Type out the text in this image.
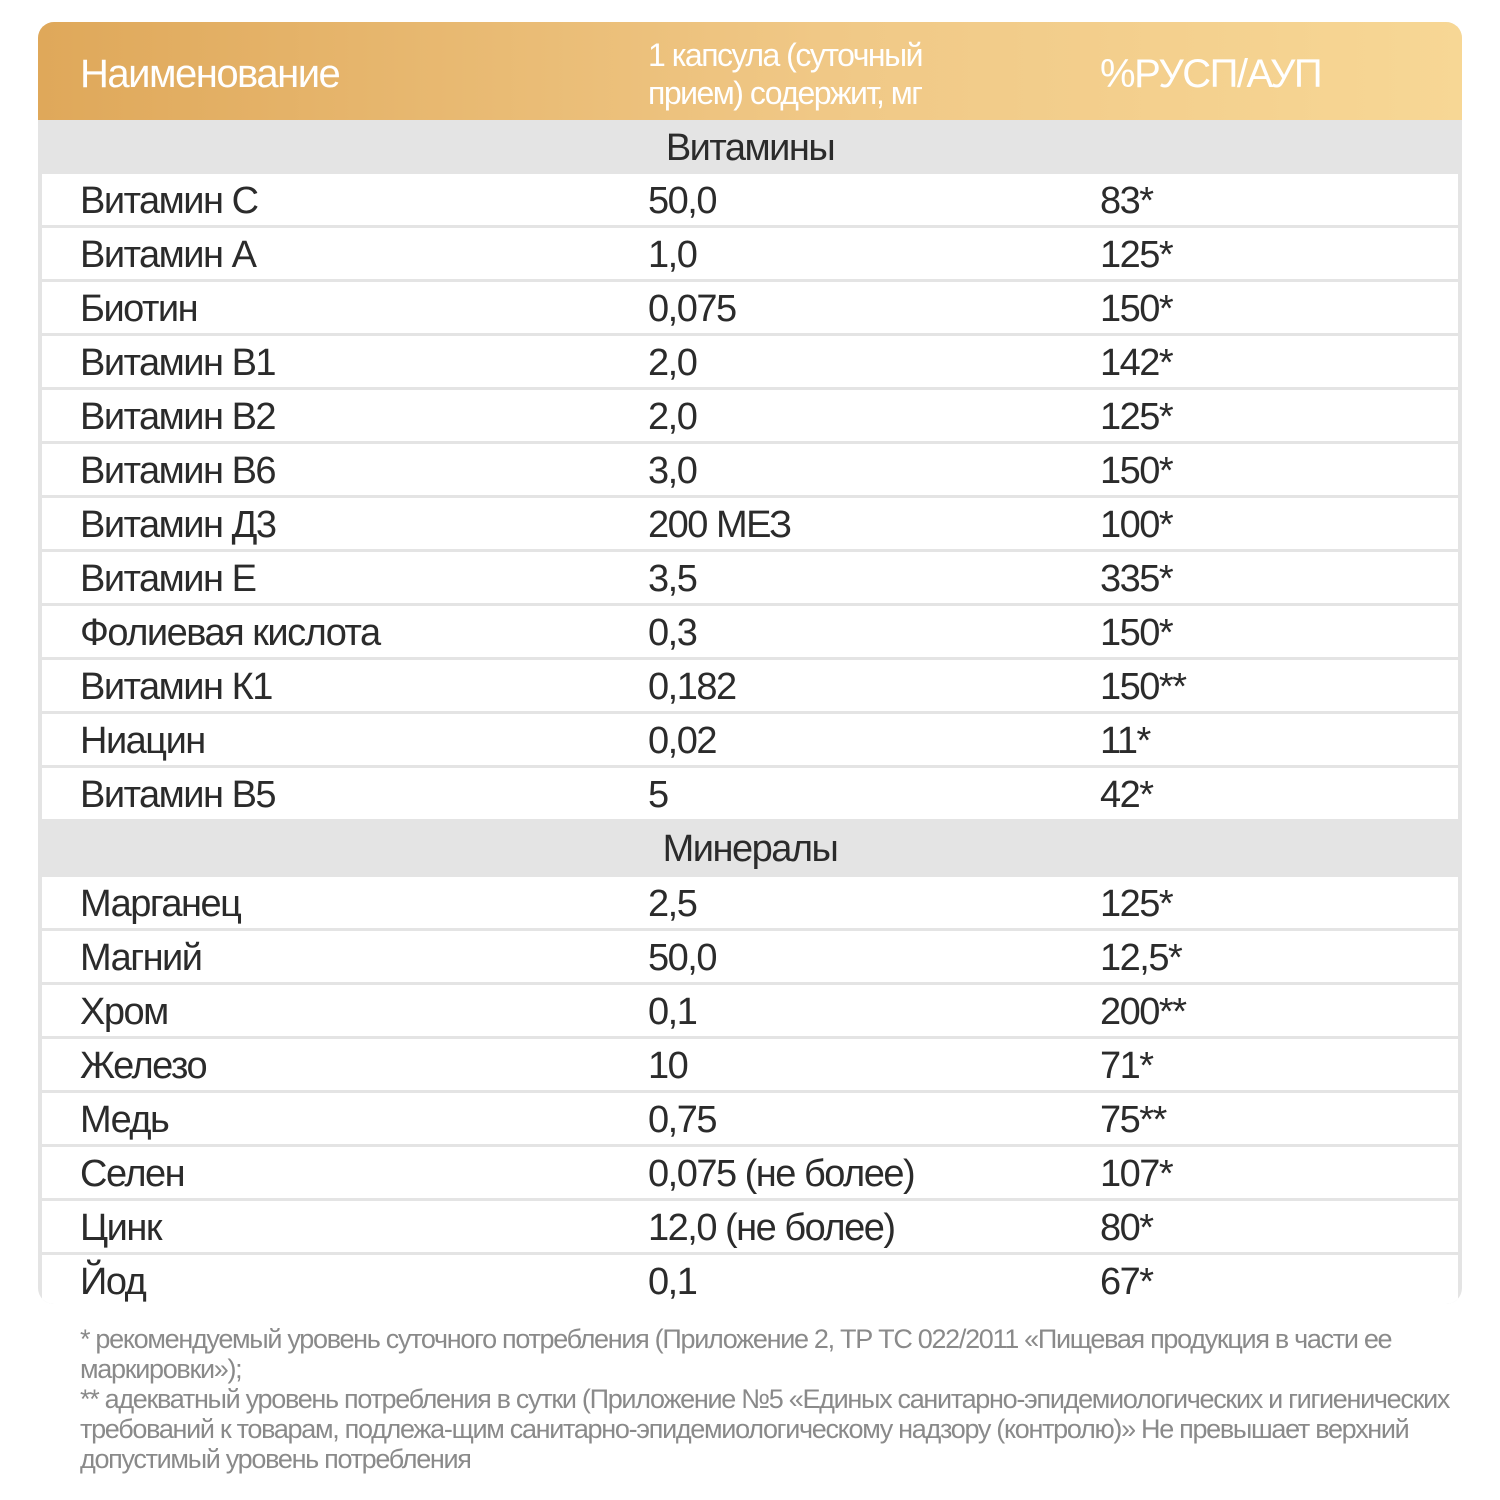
Наименование	1 капсула (суточный прием) содержит, мг	%РУСП/АУП
Витамины
Витамин С	50,0	83*
Витамин А	1,0	125*
Биотин	0,075	150*
Витамин В1	2,0	142*
Витамин В2	2,0	125*
Витамин В6	3,0	150*
Витамин Д3	200 МЕЗ	100*
Витамин Е	3,5	335*
Фолиевая кислота	0,3	150*
Витамин К1	0,182	150**
Ниацин	0,02	11*
Витамин В5	5	42*
Минералы
Марганец	2,5	125*
Магний	50,0	12,5*
Хром	0,1	200**
Железо	10	71*
Медь	0,75	75**
Селен	0,075 (не более)	107*
Цинк	12,0 (не более)	80*
Йод	0,1	67*

* рекомендуемый уровень суточного потребления (Приложение 2, ТР ТС 022/2011 «Пищевая продукция в части ее маркировки»);

** адекватный уровень потребления в сутки (Приложение №5 «Единых санитарно-эпидемиологических и гигиенических требований к товарам, подлежа-щим санитарно-эпидемиологическому надзору (контролю)» Не превышает верхний допустимый уровень потребления
